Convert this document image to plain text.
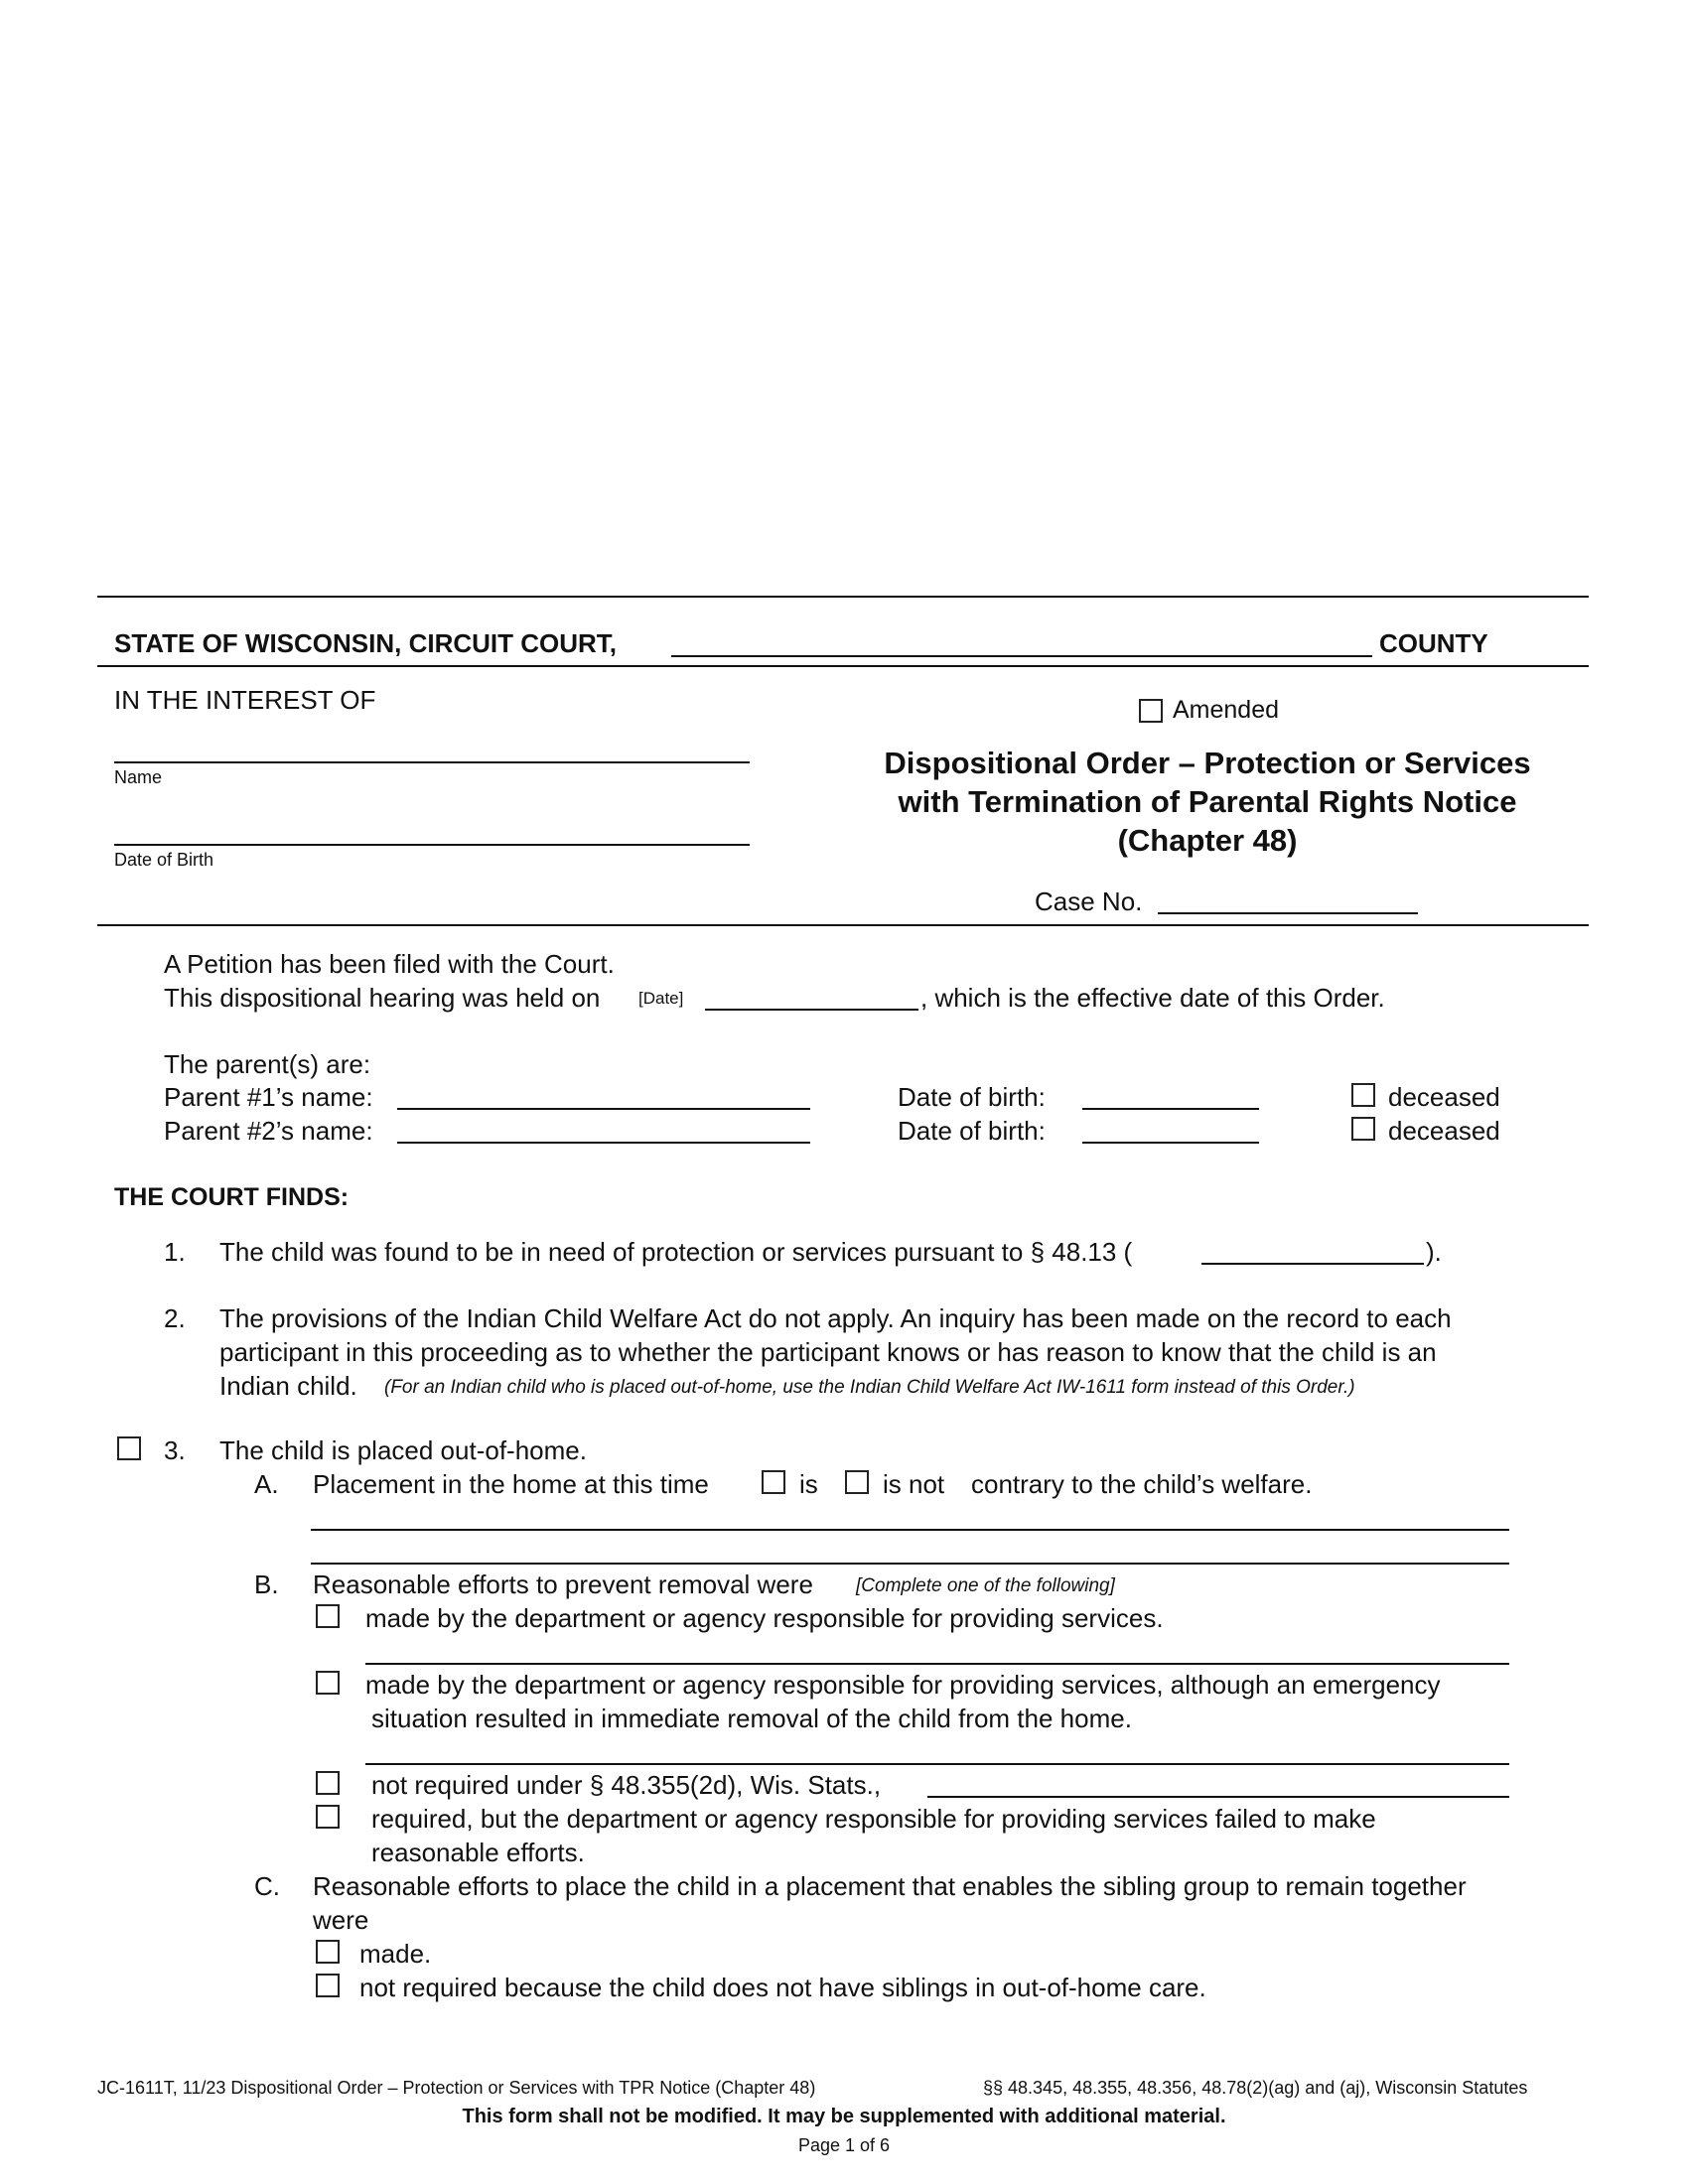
STATE OF WISCONSIN, CIRCUIT COURT,	COUNTY
IN THE INTEREST OF	Amended
Name
Date of Birth
Dispositional Order – Protection or Services
with Termination of Parental Rights Notice
(Chapter 48)
Case No.
A Petition has been filed with the Court.
This dispositional hearing was held on [Date]	, which is the effective date of this Order.
The parent(s) are:
Parent #1’s name:	Date of birth:	deceased
Parent #2’s name:	Date of birth:	deceased
THE COURT FINDS:
1. The child was found to be in need of protection or services pursuant to § 48.13 (	).
2. The provisions of the Indian Child Welfare Act do not apply. An inquiry has been made on the record to each
participant in this proceeding as to whether the participant knows or has reason to know that the child is an
Indian child. (For an Indian child who is placed out-of-home, use the Indian Child Welfare Act IW-1611 form instead of this Order.)
3. The child is placed out-of-home.
A. Placement in the home at this time	is	is not contrary to the child’s welfare.
B. Reasonable efforts to prevent removal were [Complete one of the following]
made by the department or agency responsible for providing services.
made by the department or agency responsible for providing services, although an emergency
situation resulted in immediate removal of the child from the home.
not required under § 48.355(2d), Wis. Stats.,
required, but the department or agency responsible for providing services failed to make
reasonable efforts.
C. Reasonable efforts to place the child in a placement that enables the sibling group to remain together
were
made.
not required because the child does not have siblings in out-of-home care.
JC-1611T, 11/23 Dispositional Order – Protection or Services with TPR Notice (Chapter 48)	§§ 48.345, 48.355, 48.356, 48.78(2)(ag) and (aj), Wisconsin Statutes
This form shall not be modified. It may be supplemented with additional material.
Page 1 of 6
